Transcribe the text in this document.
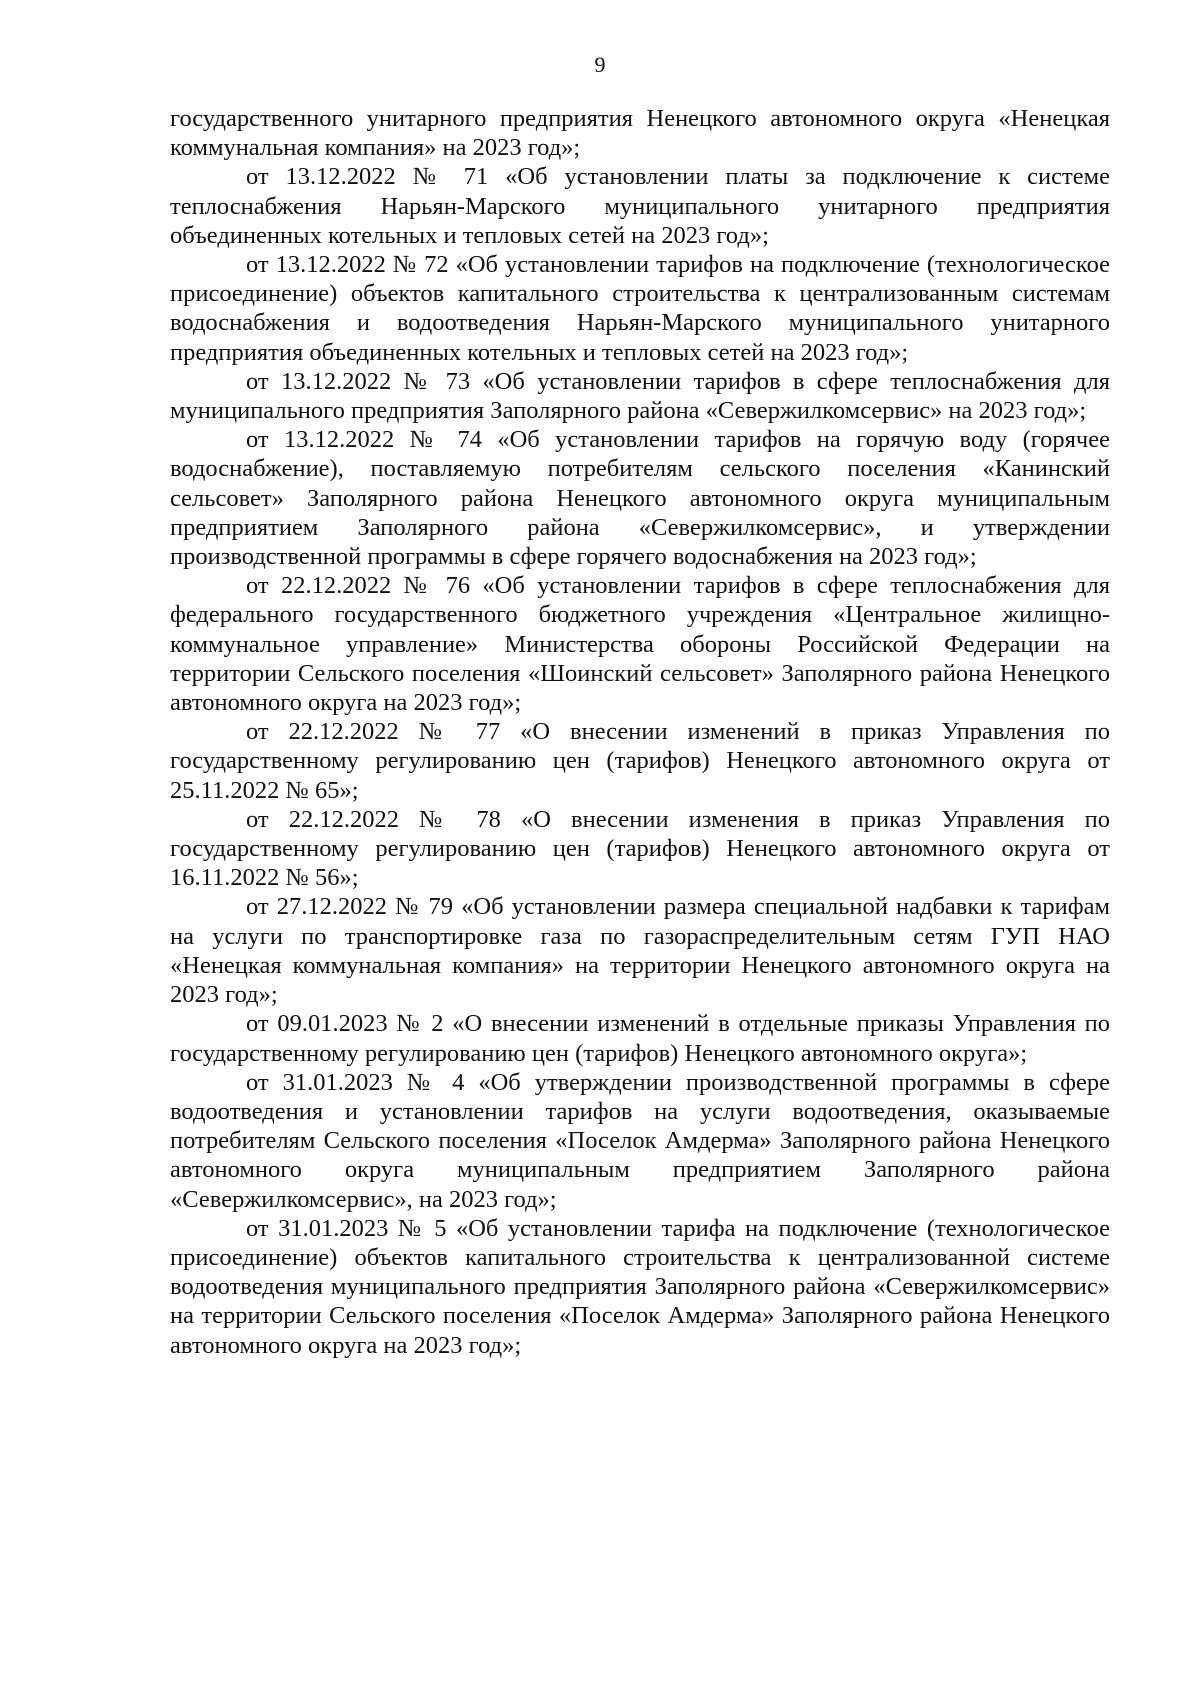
9

государственного унитарного предприятия Ненецкого автономного округа «Ненецкая коммунальная компания» на 2023 год»;

от 13.12.2022 № 71 «Об установлении платы за подключение к системе теплоснабжения Нарьян-Марского муниципального унитарного предприятия объединенных котельных и тепловых сетей на 2023 год»;

от 13.12.2022 № 72 «Об установлении тарифов на подключение (технологическое присоединение) объектов капитального строительства к централизованным системам водоснабжения и водоотведения Нарьян-Марского муниципального унитарного предприятия объединенных котельных и тепловых сетей на 2023 год»;

от 13.12.2022 № 73 «Об установлении тарифов в сфере теплоснабжения для муниципального предприятия Заполярного района «Севержилкомсервис» на 2023 год»;

от 13.12.2022 № 74 «Об установлении тарифов на горячую воду (горячее водоснабжение), поставляемую потребителям сельского поселения «Канинский сельсовет» Заполярного района Ненецкого автономного округа муниципальным предприятием Заполярного района «Севержилкомсервис», и утверждении производственной программы в сфере горячего водоснабжения на 2023 год»;

от 22.12.2022 № 76 «Об установлении тарифов в сфере теплоснабжения для федерального государственного бюджетного учреждения «Центральное жилищно-коммунальное управление» Министерства обороны Российской Федерации на территории Сельского поселения «Шоинский сельсовет» Заполярного района Ненецкого автономного округа на 2023 год»;

от 22.12.2022 № 77 «О внесении изменений в приказ Управления по государственному регулированию цен (тарифов) Ненецкого автономного округа от 25.11.2022 № 65»;

от 22.12.2022 № 78 «О внесении изменения в приказ Управления по государственному регулированию цен (тарифов) Ненецкого автономного округа от 16.11.2022 № 56»;

от 27.12.2022 № 79 «Об установлении размера специальной надбавки к тарифам на услуги по транспортировке газа по газораспределительным сетям ГУП НАО «Ненецкая коммунальная компания» на территории Ненецкого автономного округа на 2023 год»;

от 09.01.2023 № 2 «О внесении изменений в отдельные приказы Управления по государственному регулированию цен (тарифов) Ненецкого автономного округа»;

от 31.01.2023 № 4 «Об утверждении производственной программы в сфере водоотведения и установлении тарифов на услуги водоотведения, оказываемые потребителям Сельского поселения «Поселок Амдерма» Заполярного района Ненецкого автономного округа муниципальным предприятием Заполярного района «Севержилкомсервис», на 2023 год»;

от 31.01.2023 № 5 «Об установлении тарифа на подключение (технологическое присоединение) объектов капитального строительства к централизованной системе водоотведения муниципального предприятия Заполярного района «Севержилкомсервис» на территории Сельского поселения «Поселок Амдерма» Заполярного района Ненецкого автономного округа на 2023 год»;
